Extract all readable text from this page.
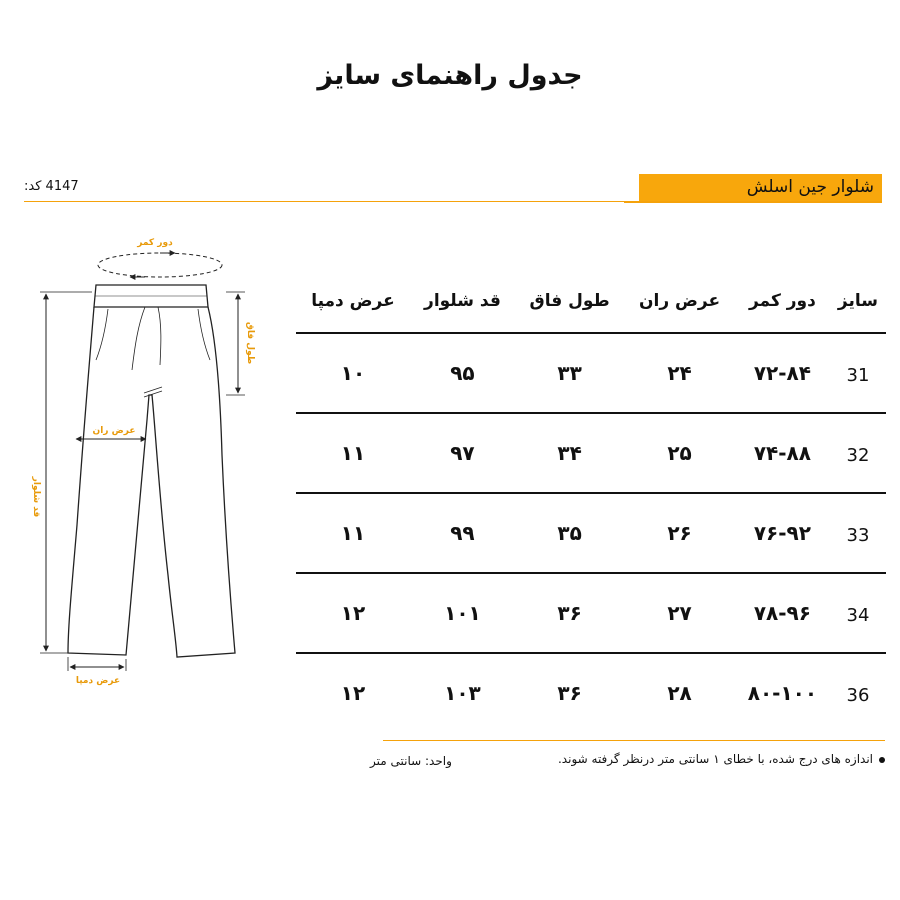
جدول راهنمای سایز
کد: 4147	شلوار جین اسلش
دور کمر
طول فاق
عرض ران
قد شلوار
عرض دمپا
عرض دمپا	قد شلوار	طول فاق	عرض ران	دور کمر	سایز
۱۰	۹۵	۳۳	۲۴	۷۲-۸۴	31
۱۱	۹۷	۳۴	۲۵	۷۴-۸۸	32
۱۱	۹۹	۳۵	۲۶	۷۶-۹۲	33
۱۲	۱۰۱	۳۶	۲۷	۷۸-۹۶	34
۱۲	۱۰۳	۳۶	۲۸	۸۰-۱۰۰	36
اندازه های درج شده، با خطای ۱ سانتی متر درنظر گرفته شوند.
واحد: سانتی متر
